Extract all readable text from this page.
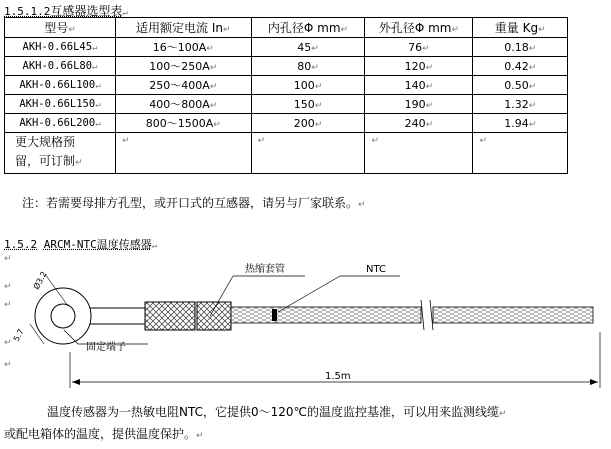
1.5.1.2互感器选型表↵
型号↵	适用额定电流 In↵	内孔径Φ mm↵	外孔径Φ mm↵	重量 Kg↵
AKH-0.66L45↵	16～100A↵	45↵	76↵	0.18↵
AKH-0.66L80↵	100～250A↵	80↵	120↵	0.42↵
AKH-0.66L100↵	250～400A↵	100↵	140↵	0.50↵
AKH-0.66L150↵	400～800A↵	150↵	190↵	1.32↵
AKH-0.66L200↵	800～1500A↵	200↵	240↵	1.94↵
更大规格预
留，可订制↵	↵	↵	↵	↵
注：若需要母排方孔型，或开口式的互感器，请另与厂家联系。↵
1.5.2 ARCM-NTC温度传感器↵
↵
↵
↵
↵
↵
热缩套管	NTC
固定端子
1.5m
Ø3.2
5.7
温度传感器为一热敏电阻NTC，它提供0～120℃的温度监控基准，可以用来监测线缆↵
或配电箱体的温度，提供温度保护。↵
